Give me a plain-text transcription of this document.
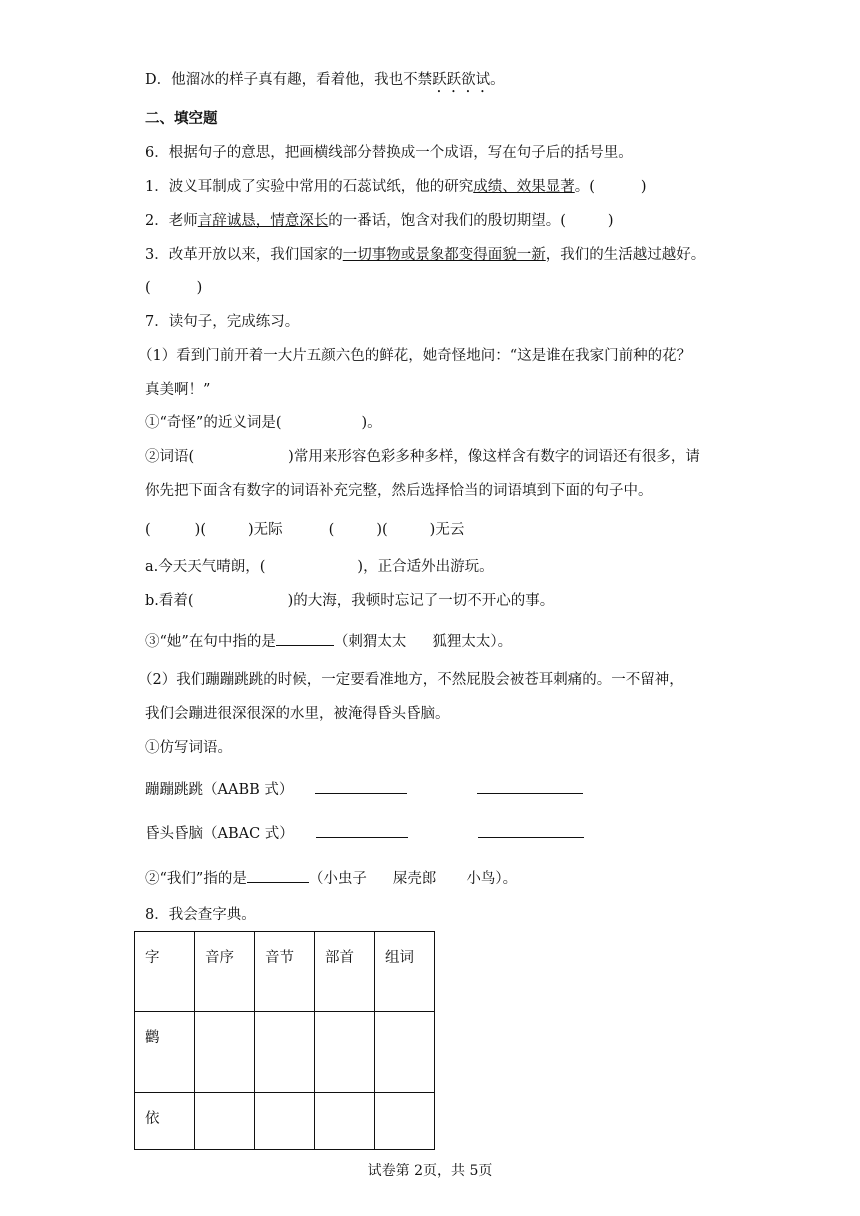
D．他溜冰的样子真有趣，看着他，我也不禁跃跃欲试。
二、填空题
6．根据句子的意思，把画横线部分替换成一个成语，写在句子后的括号里。
1．波义耳制成了实验中常用的石蕊试纸，他的研究成绩、效果显著。(	)
2．老师言辞诚恳，情意深长的一番话，饱含对我们的殷切期望。(	)
3．改革开放以来，我们国家的一切事物或景象都变得面貌一新，我们的生活越过越好。
(	)
7．读句子，完成练习。
（1）看到门前开着一大片五颜六色的鲜花，她奇怪地问：“这是谁在我家门前种的花？
真美啊！”
①“奇怪”的近义词是(	)。
②词语(	)常用来形容色彩多种多样，像这样含有数字的词语还有很多，请
你先把下面含有数字的词语补充完整，然后选择恰当的词语填到下面的句子中。
(	)(	)无际	(	)(	)无云
a.今天天气晴朗，(	)，正合适外出游玩。
b.看着(	)的大海，我顿时忘记了一切不开心的事。
③“她”在句中指的是	（刺猬太太 狐狸太太）。
（2）我们蹦蹦跳跳的时候，一定要看准地方，不然屁股会被苍耳刺痛的。一不留神，
我们会蹦进很深很深的水里，被淹得昏头昏脑。
①仿写词语。
蹦蹦跳跳（AABB 式）
昏头昏脑（ABAC 式）
②“我们”指的是	（小虫子 屎壳郎 小鸟）。
8．我会查字典。
字	音序	音节	部首	组词
鹳				
依				
试卷第 2页，共 5页
